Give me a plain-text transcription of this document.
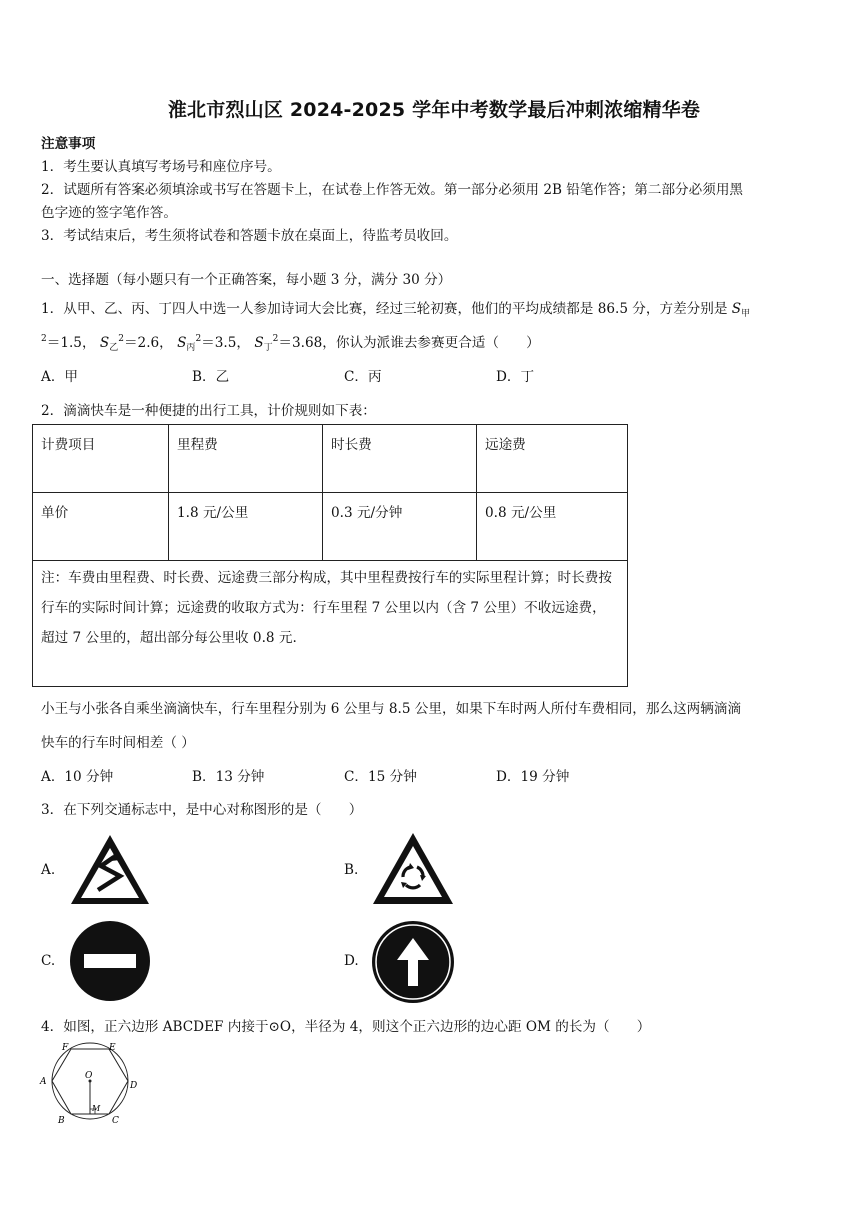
淮北市烈山区 2024-2025 学年中考数学最后冲刺浓缩精华卷
注意事项
1．考生要认真填写考场号和座位序号。
2．试题所有答案必须填涂或书写在答题卡上，在试卷上作答无效。第一部分必须用 2B 铅笔作答；第二部分必须用黑
色字迹的签字笔作答。
3．考试结束后，考生须将试卷和答题卡放在桌面上，待监考员收回。
一、选择题（每小题只有一个正确答案，每小题 3 分，满分 30 分）
1．从甲、乙、丙、丁四人中选一人参加诗词大会比赛，经过三轮初赛，他们的平均成绩都是 86.5 分，方差分别是 $S_甲$
$^2$＝1.5， $S_乙^2=2.6$， $S_丙^2=3.5$， $S_丁^2=3.68$，你认为派谁去参赛更合适（　　）
A．甲	B．乙	C．丙	D．丁
2．滴滴快车是一种便捷的出行工具，计价规则如下表：
计费项目	里程费	时长费	远途费
单价	1.8 元/公里	0.3 元/分钟	0.8 元/公里
注：车费由里程费、时长费、远途费三部分构成，其中里程费按行车的实际里程计算；时长费按行车的实际时间计算；远途费的收取方式为：行车里程 7 公里以内（含 7 公里）不收远途费，超过 7 公里的，超出部分每公里收 0.8 元.			
小王与小张各自乘坐滴滴快车，行车里程分别为 6 公里与 8.5 公里，如果下车时两人所付车费相同，那么这两辆滴滴
快车的行车时间相差（ ）
A．10 分钟	B．13 分钟	C．15 分钟	D．19 分钟
3．在下列交通标志中，是中心对称图形的是（　　）
A.	B.
C.	D.
4．如图，正六边形 ABCDEF 内接于⊙O，半径为 4，则这个正六边形的边心距 OM 的长为（　　）
F	E
A
O
D
B
M
C
